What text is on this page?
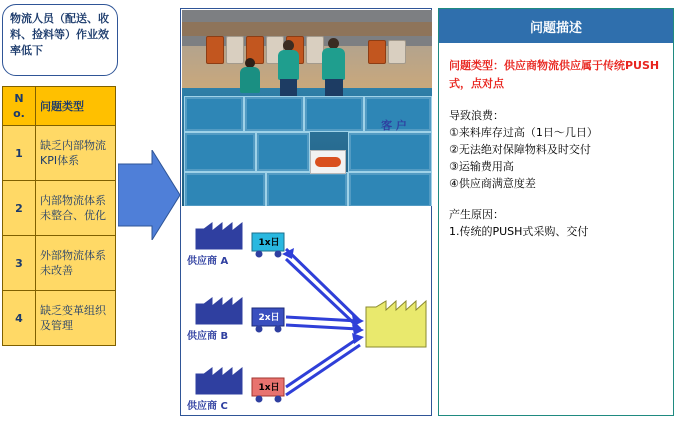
物流人员（配送、收料、捡料等）作业效率低下
N o.	问题类型
1	缺乏内部物流KPI体系
2	内部物流体系未整合、优化
3	外部物流体系未改善
4	缺乏变革组织及管理
供应商 A
供应商 B
供应商 C
1x日
2x日
1x日
客 户
问题描述
问题类型：供应商物流供应属于传统PUSH式，点对点
导致浪费：
①来料库存过高（1日～几日）
②无法绝对保障物料及时交付
③运输费用高
④供应商满意度差
产生原因：
1.传统的PUSH式采购、交付
